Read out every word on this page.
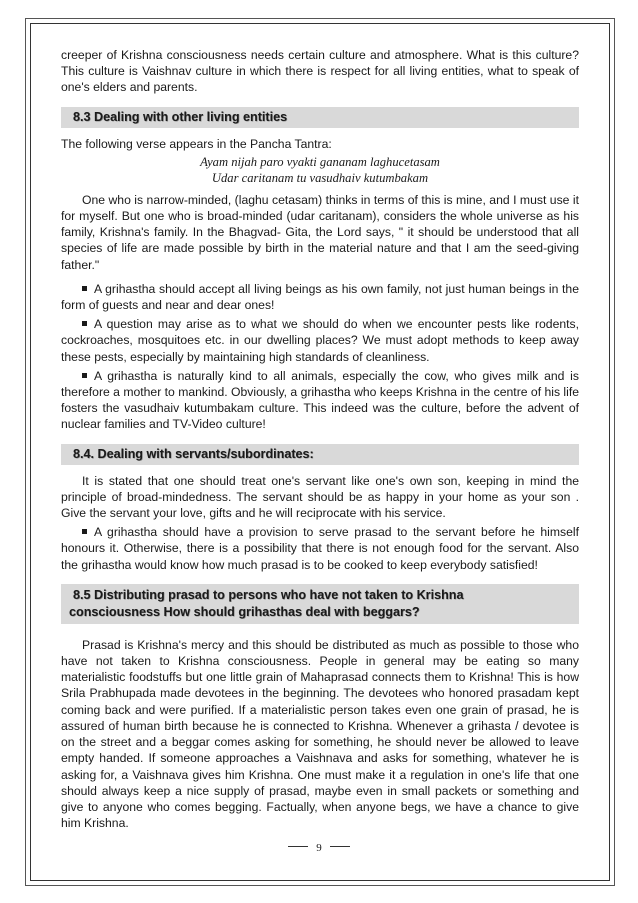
creeper of Krishna consciousness needs certain culture and atmosphere. What is this culture? This culture is Vaishnav culture in which there is respect for all living entities, what to speak of one's elders and parents.

8.3 Dealing with other living entities

The following verse appears in the Pancha Tantra:

Ayam nijah paro vyakti gananam laghucetasam
Udar caritanam tu vasudhaiv kutumbakam

One who is narrow-minded, (laghu cetasam) thinks in terms of this is mine, and I must use it for myself. But one who is broad-minded (udar caritanam), considers the whole universe as his family, Krishna's family. In the Bhagvad- Gita, the Lord says, " it should be understood that all species of life are made possible by birth in the material nature and that I am the seed-giving father."

A grihastha should accept all living beings as his own family, not just human beings in the form of guests and near and dear ones!

A question may arise as to what we should do when we encounter pests like rodents, cockroaches, mosquitoes etc. in our dwelling places? We must adopt methods to keep away these pests, especially by maintaining high standards of cleanliness.

A grihastha is naturally kind to all animals, especially the cow, who gives milk and is therefore a mother to mankind. Obviously, a grihastha who keeps Krishna in the centre of his life fosters the vasudhaiv kutumbakam culture. This indeed was the culture, before the advent of nuclear families and TV-Video culture!

8.4. Dealing with servants/subordinates:

It is stated that one should treat one's servant like one's own son, keeping in mind the principle of broad-mindedness. The servant should be as happy in your home as your son . Give the servant your love, gifts and he will reciprocate with his service.

A grihastha should have a provision to serve prasad to the servant before he himself honours it. Otherwise, there is a possibility that there is not enough food for the servant. Also the grihastha would know how much prasad is to be cooked to keep everybody satisfied!

8.5 Distributing prasad to persons who have not taken to Krishna
consciousness How should grihasthas deal with beggars?

Prasad is Krishna's mercy and this should be distributed as much as possible to those who have not taken to Krishna consciousness. People in general may be eating so many materialistic foodstuffs but one little grain of Mahaprasad connects them to Krishna! This is how Srila Prabhupada made devotees in the beginning. The devotees who honored prasadam kept coming back and were purified. If a materialistic person takes even one grain of prasad, he is assured of human birth because he is connected to Krishna. Whenever a grihasta / devotee is on the street and a beggar comes asking for something, he should never be allowed to leave empty handed. If someone approaches a Vaishnava and asks for something, whatever he is asking for, a Vaishnava gives him Krishna. One must make it a regulation in one's life that one should always keep a nice supply of prasad, maybe even in small packets or something and give to anyone who comes begging. Factually, when anyone begs, we have a chance to give him Krishna.

9
